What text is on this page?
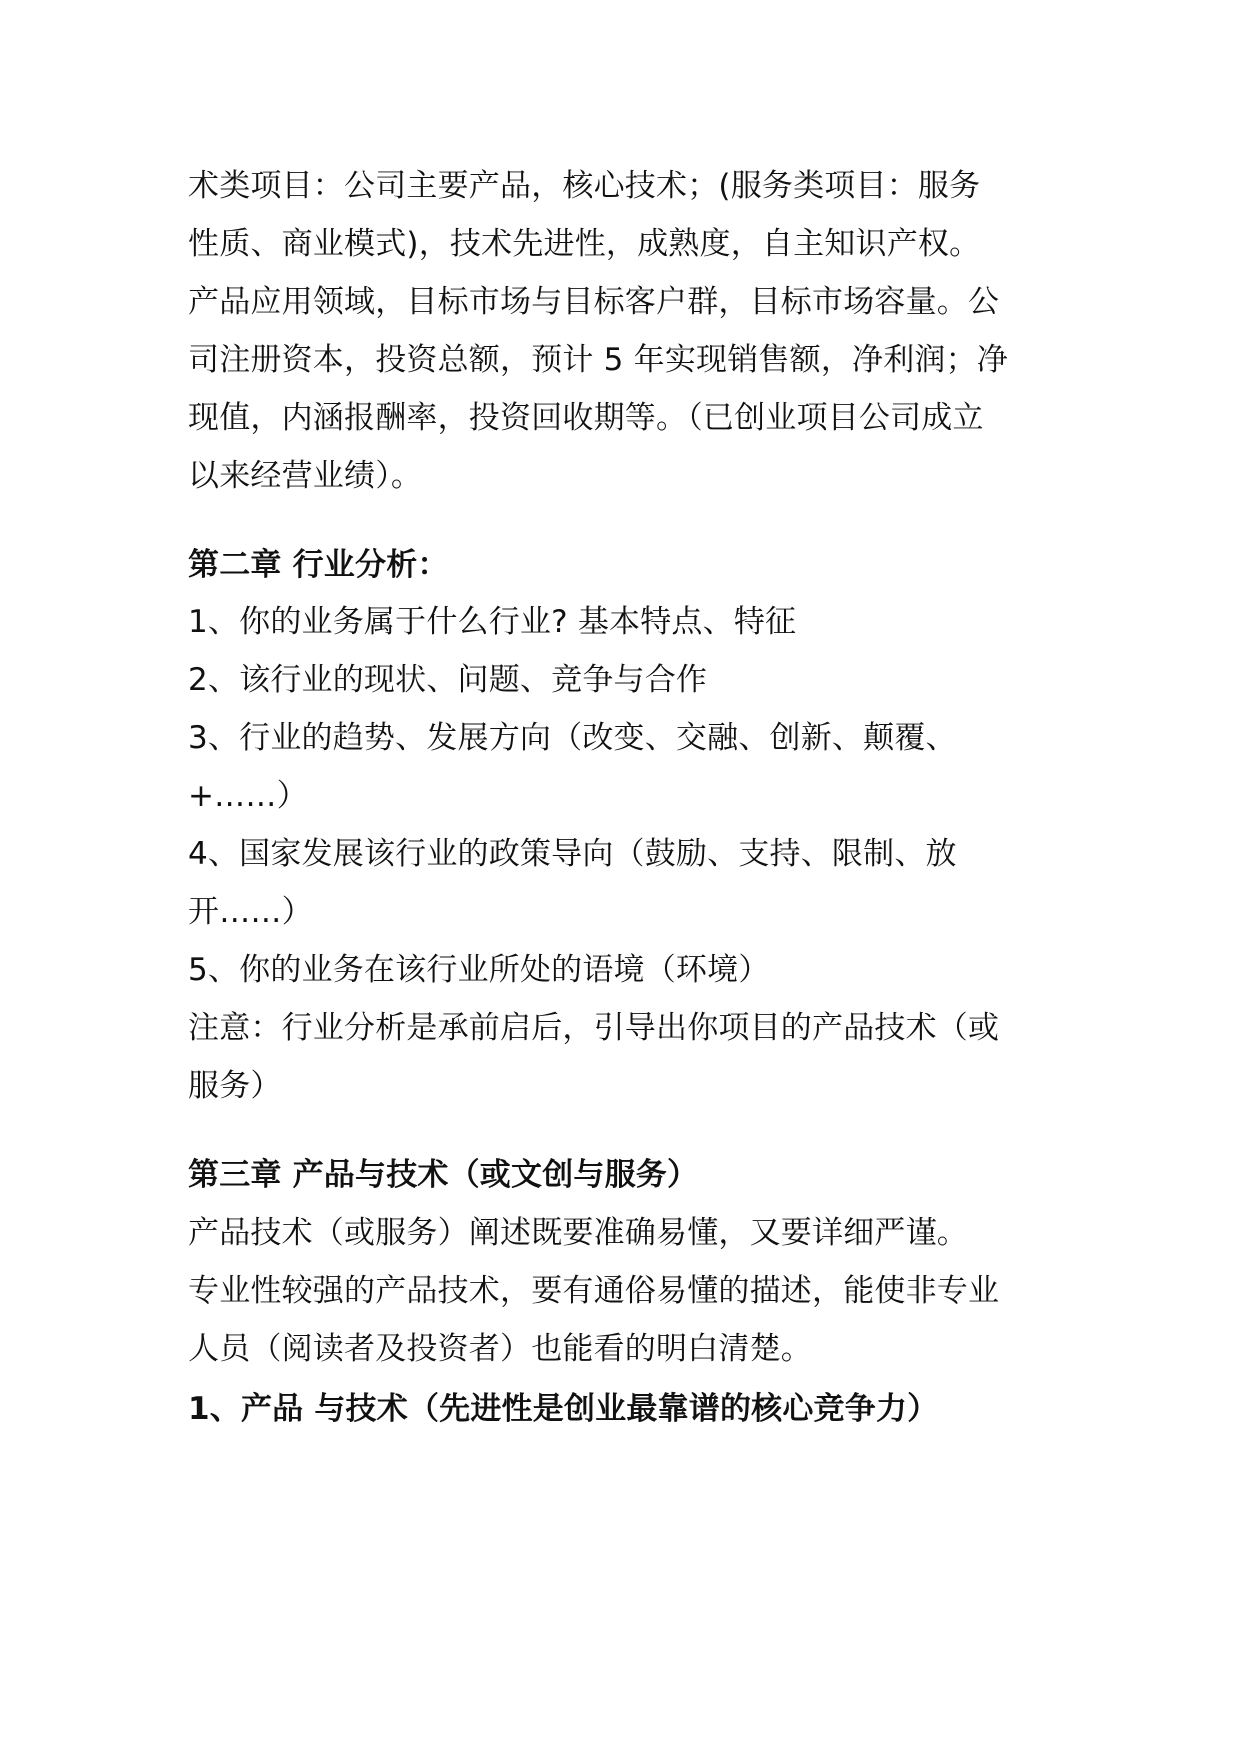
术类项目：公司主要产品，核心技术；(服务类项目：服务
性质、商业模式)，技术先进性，成熟度，自主知识产权。
产品应用领域，目标市场与目标客户群，目标市场容量。公
司注册资本，投资总额，预计 5 年实现销售额，净利润；净
现值，内涵报酬率，投资回收期等。（已创业项目公司成立
以来经营业绩）。
第二章 行业分析：
1、你的业务属于什么行业? 基本特点、特征
2、该行业的现状、问题、竞争与合作
3、行业的趋势、发展方向（改变、交融、创新、颠覆、
+……）
4、国家发展该行业的政策导向（鼓励、支持、限制、放
开……）
5、你的业务在该行业所处的语境（环境）
注意：行业分析是承前启后，引导出你项目的产品技术（或
服务）
第三章 产品与技术（或文创与服务）
产品技术（或服务）阐述既要准确易懂，又要详细严谨。
专业性较强的产品技术，要有通俗易懂的描述，能使非专业
人员（阅读者及投资者）也能看的明白清楚。
1、产品 与技术（先进性是创业最靠谱的核心竞争力）
